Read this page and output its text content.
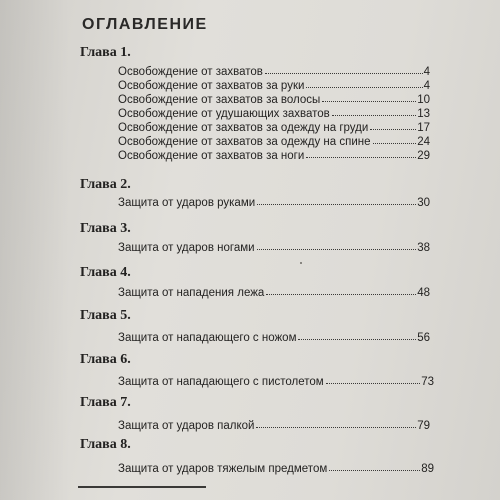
ОГЛАВЛЕНИЕ
Глава 1.
Освобождение от захватов	4
Освобождение от захватов за руки	4
Освобождение от захватов за волосы	10
Освобождение от удушающих захватов	13
Освобождение от захватов за одежду на груди	17
Освобождение от захватов за одежду на спине	24
Освобождение от захватов за ноги	29
Глава 2.
Защита от ударов руками	30
Глава 3.
Защита от ударов ногами	38
Глава 4.
Защита от нападения лежа	48
Глава 5.
Защита от нападающего с ножом	56
Глава 6.
Защита от нападающего с пистолетом	73
Глава 7.
Защита от ударов палкой	79
Глава 8.
Защита от ударов тяжелым предметом	89
